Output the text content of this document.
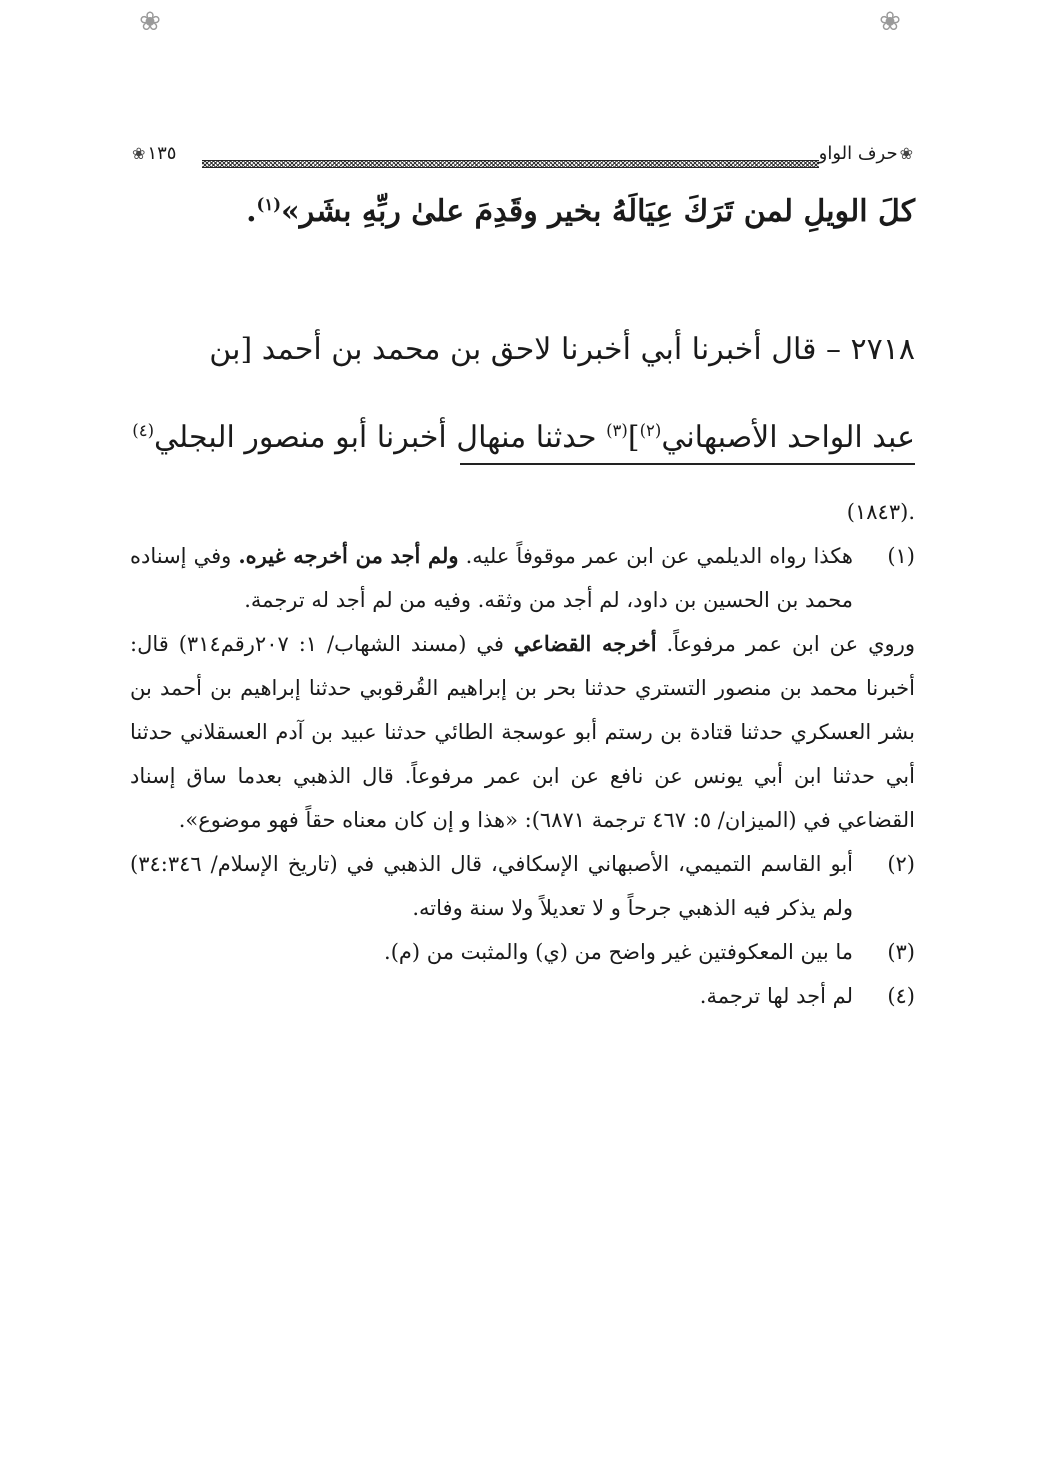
❀	❀
❀ ١٣٥	❀
حرف الواو
كلَ الويلِ لمن تَرَكَ عِيَالَهُ بخير وقَدِمَ علىٰ ربِّهِ بشَر»$^{(١)}$.

٢٧١٨ – قال أخبرنا أبي أخبرنا لاحق بن محمد بن أحمد [بن

عبد الواحد الأصبهاني$^{(٢)}$]$^{(٣)}$ حدثنا منهال أخبرنا أبو منصور البجلي$^{(٤)}$

.(١٨٤٣)

(١)
هكذا رواه الديلمي عن ابن عمر موقوفاً عليه. ولم أجد من أخرجه غيره. وفي إسناده محمد بن الحسين بن داود، لم أجد من وثقه. وفيه من لم أجد له ترجمة.

وروي عن ابن عمر مرفوعاً. أخرجه القضاعي في (مسند الشهاب/ ١: ٢٠٧رقم٣١٤) قال: أخبرنا محمد بن منصور التستري حدثنا بحر بن إبراهيم القُرقوبي حدثنا إبراهيم بن أحمد بن بشر العسكري حدثنا قتادة بن رستم أبو عوسجة الطائي حدثنا عبيد بن آدم العسقلاني حدثنا أبي حدثنا ابن أبي يونس عن نافع عن ابن عمر مرفوعاً. قال الذهبي بعدما ساق إسناد القضاعي في (الميزان/ ٥: ٤٦٧ ترجمة ٦٨٧١): «هذا و إن كان معناه حقاً فهو موضوع».

(٢)
أبو القاسم التميمي، الأصبهاني الإسكافي، قال الذهبي في (تاريخ الإسلام/ ٣٤:٣٤٦) ولم يذكر فيه الذهبي جرحاً و لا تعديلاً ولا سنة وفاته.
(٣)
ما بين المعكوفتين غير واضح من (ي) والمثبت من (م).
(٤)
لم أجد لها ترجمة.
